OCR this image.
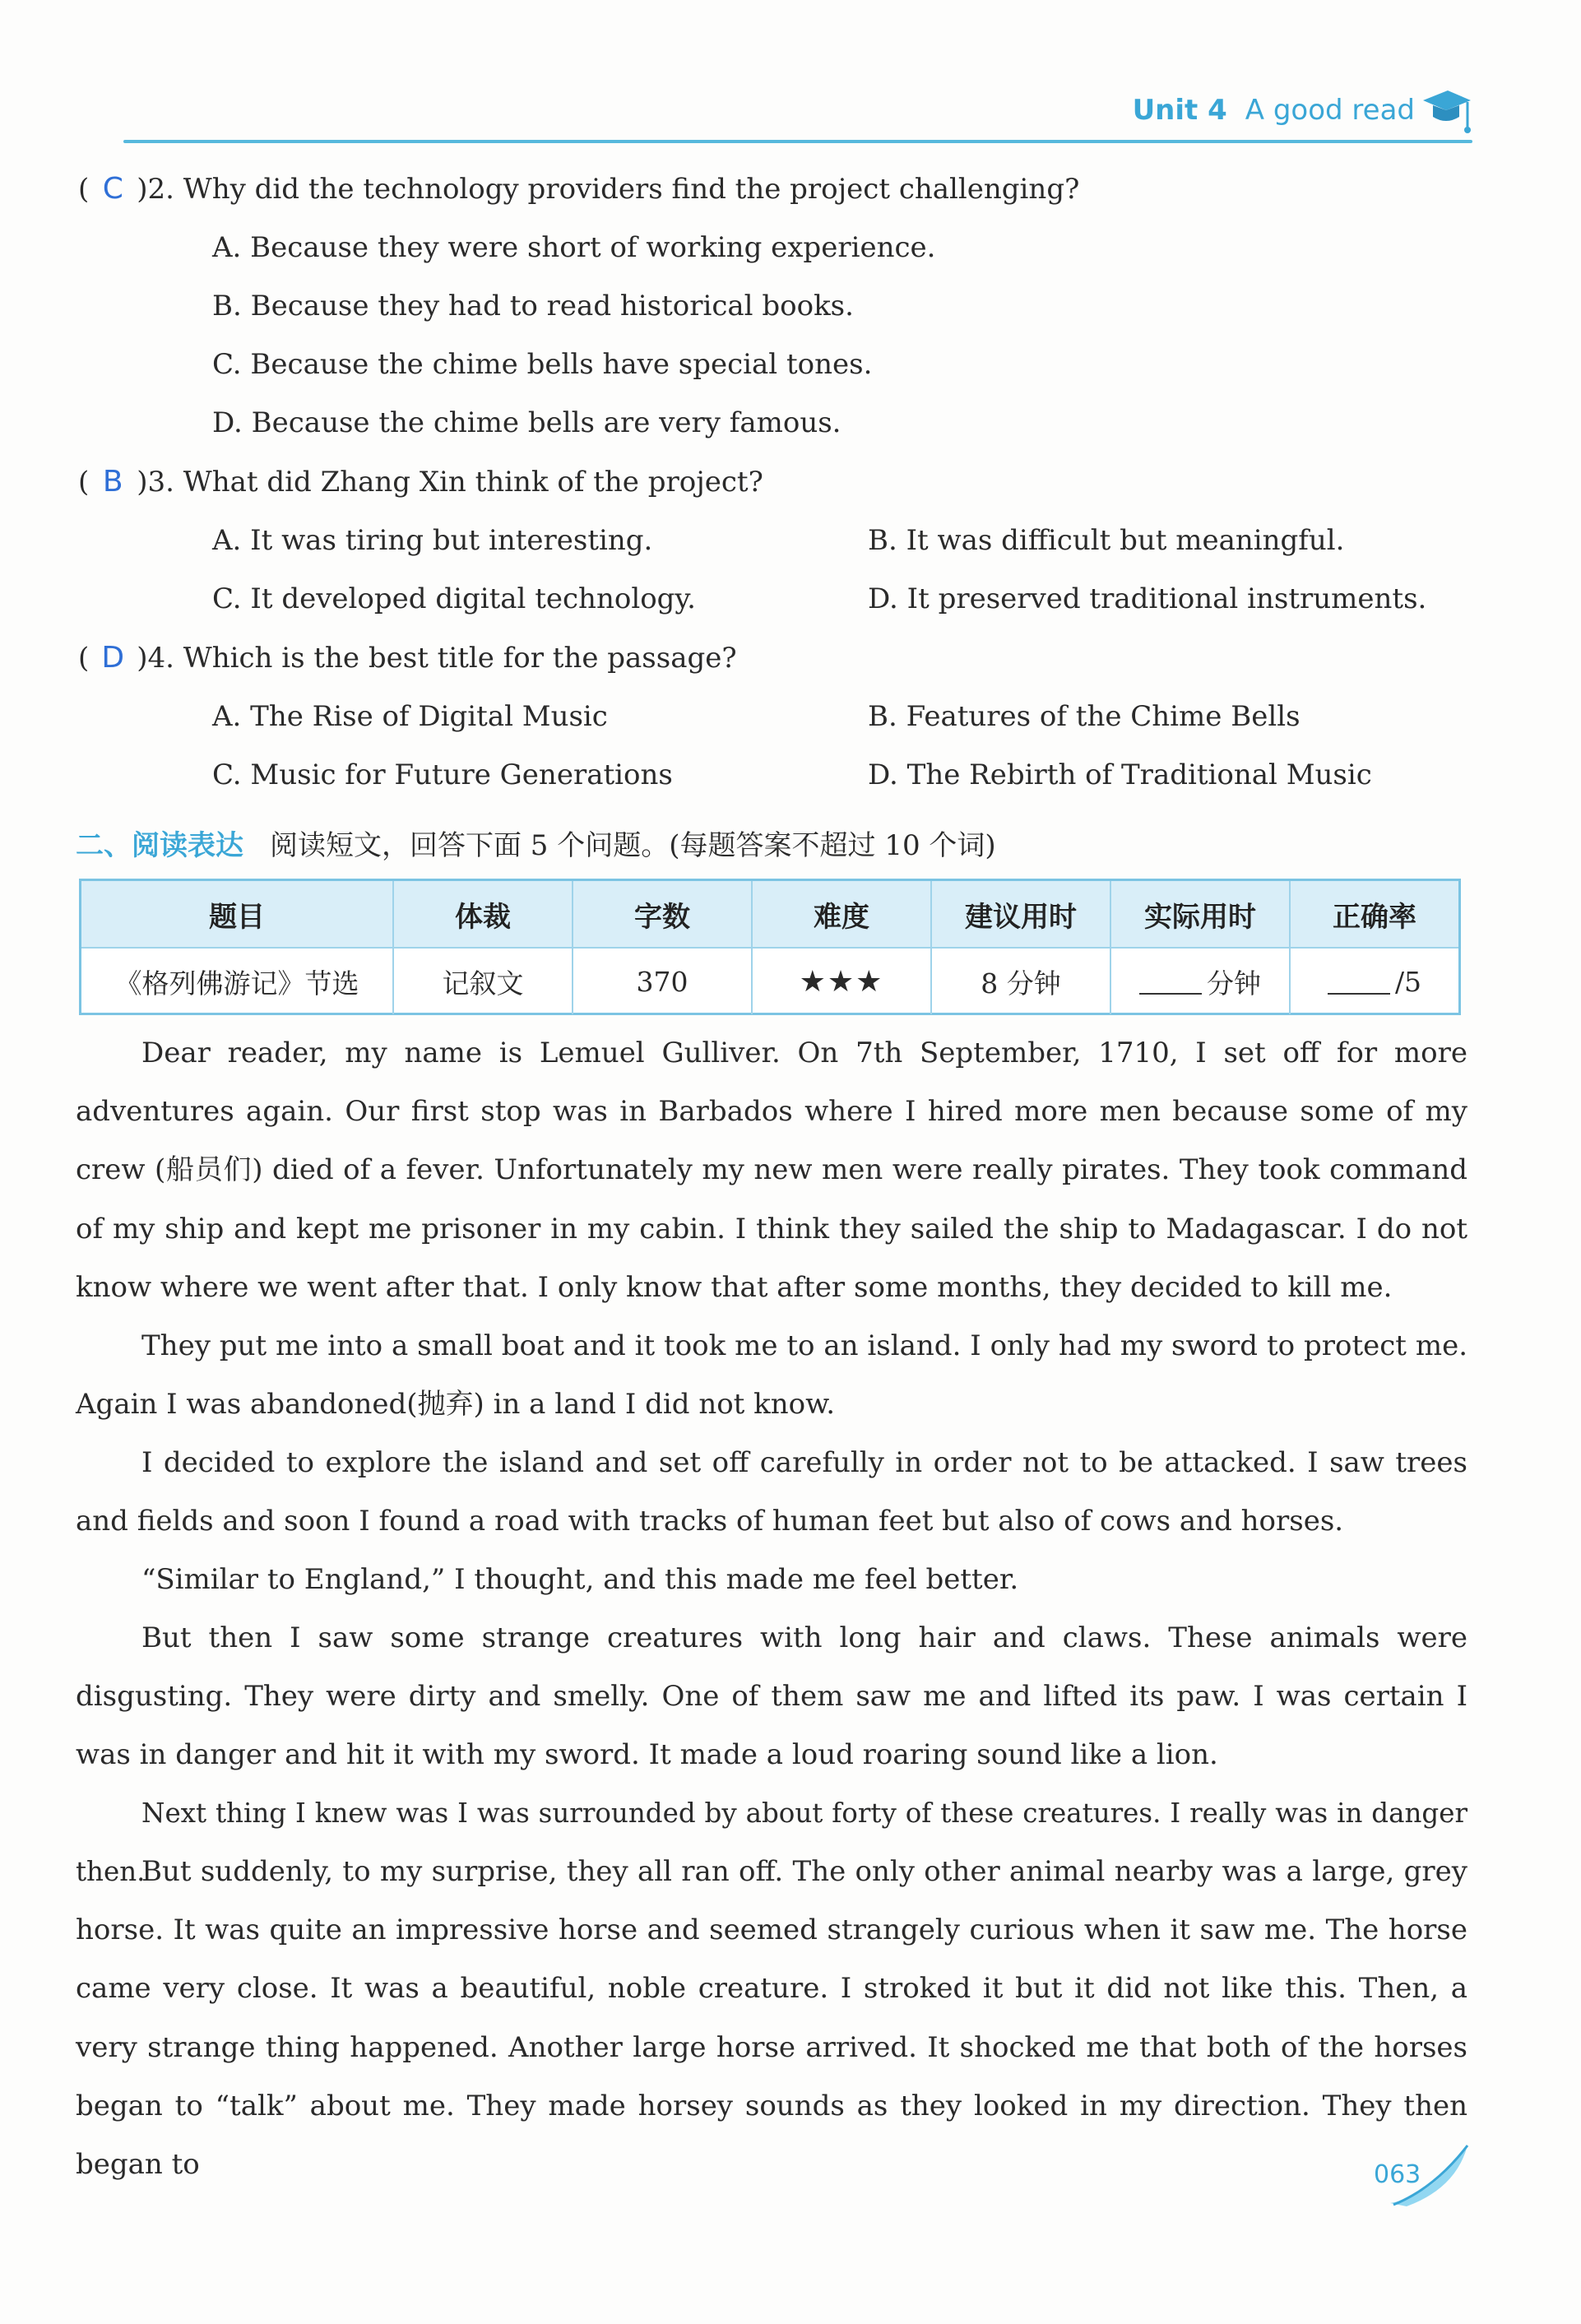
Unit 4 A good read
( C )2. Why did the technology providers find the project challenging?
A. Because they were short of working experience.
B. Because they had to read historical books.
C. Because the chime bells have special tones.
D. Because the chime bells are very famous.
( B )3. What did Zhang Xin think of the project?
A. It was tiring but interesting.	B. It was difficult but meaningful.
C. It developed digital technology.	D. It preserved traditional instruments.
( D )4. Which is the best title for the passage?
A. The Rise of Digital Music	B. Features of the Chime Bells
C. Music for Future Generations	D. The Rebirth of Traditional Music
二、阅读表达 阅读短文，回答下面 5 个问题。(每题答案不超过 10 个词)
题目	体裁	字数	难度	建议用时	实际用时	正确率
《格列佛游记》节选	记叙文	370	★★★	8 分钟	分钟	/5
Dear reader, my name is Lemuel Gulliver. On 7th September, 1710, I set off for more adventures again. Our first stop was in Barbados where I hired more men because some of my crew (船员们) died of a fever. Unfortunately my new men were really pirates. They took command of my ship and kept me prisoner in my cabin. I think they sailed the ship to Madagascar. I do not know where we went after that. I only know that after some months, they decided to kill me.
They put me into a small boat and it took me to an island. I only had my sword to protect me. Again I was abandoned(抛弃) in a land I did not know.
I decided to explore the island and set off carefully in order not to be attacked. I saw trees and fields and soon I found a road with tracks of human feet but also of cows and horses.
“Similar to England,” I thought, and this made me feel better.
But then I saw some strange creatures with long hair and claws. These animals were disgusting. They were dirty and smelly. One of them saw me and lifted its paw. I was certain I was in danger and hit it with my sword. It made a loud roaring sound like a lion.
Next thing I knew was I was surrounded by about forty of these creatures. I really was in danger then.
But suddenly, to my surprise, they all ran off. The only other animal nearby was a large, grey horse. It was quite an impressive horse and seemed strangely curious when it saw me. The horse came very close. It was a beautiful, noble creature. I stroked it but it did not like this. Then, a very strange thing happened. Another large horse arrived. It shocked me that both of the horses began to “talk” about me. They made horsey sounds as they looked in my direction. They then began to	063
